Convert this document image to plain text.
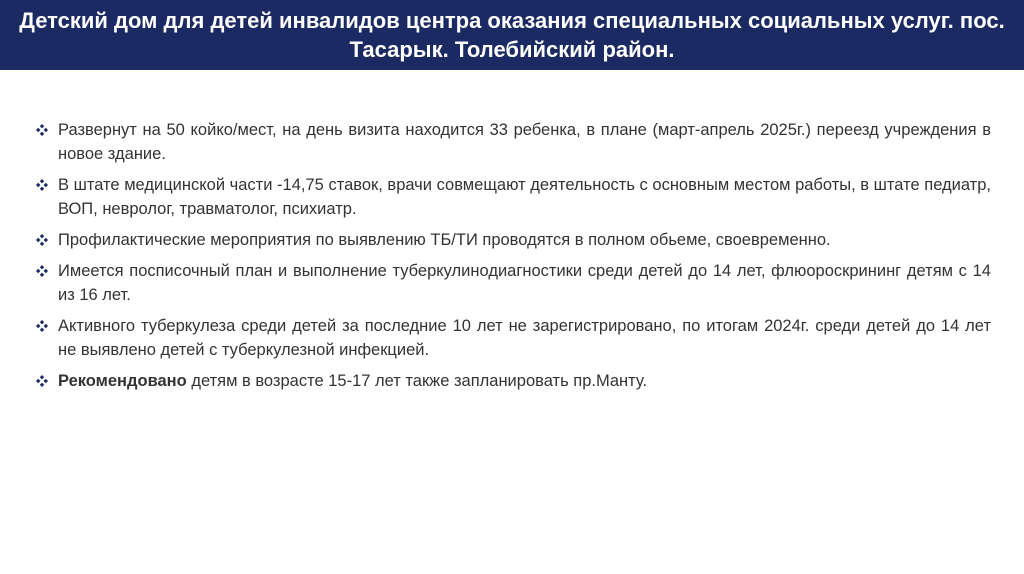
Детский дом для детей инвалидов центра оказания специальных социальных услуг. пос. Тасарык. Толебийский район.
Развернут на 50 койко/мест, на день визита находится 33 ребенка, в плане (март-апрель 2025г.) переезд учреждения в новое здание.
В штате медицинской части -14,75 ставок, врачи совмещают деятельность с основным местом работы, в штате педиатр, ВОП, невролог, травматолог, психиатр.
Профилактические мероприятия по выявлению ТБ/ТИ проводятся в полном обьеме, своевременно.
Имеется посписочный план и выполнение туберкулинодиагностики среди детей до 14 лет, флюороскрининг детям с 14 из 16 лет.
Активного туберкулеза среди детей за последние 10 лет не зарегистрировано, по итогам 2024г. среди детей до 14 лет не выявлено детей с туберкулезной инфекцией.
Рекомендовано детям в возрасте 15-17 лет также запланировать пр.Манту.
